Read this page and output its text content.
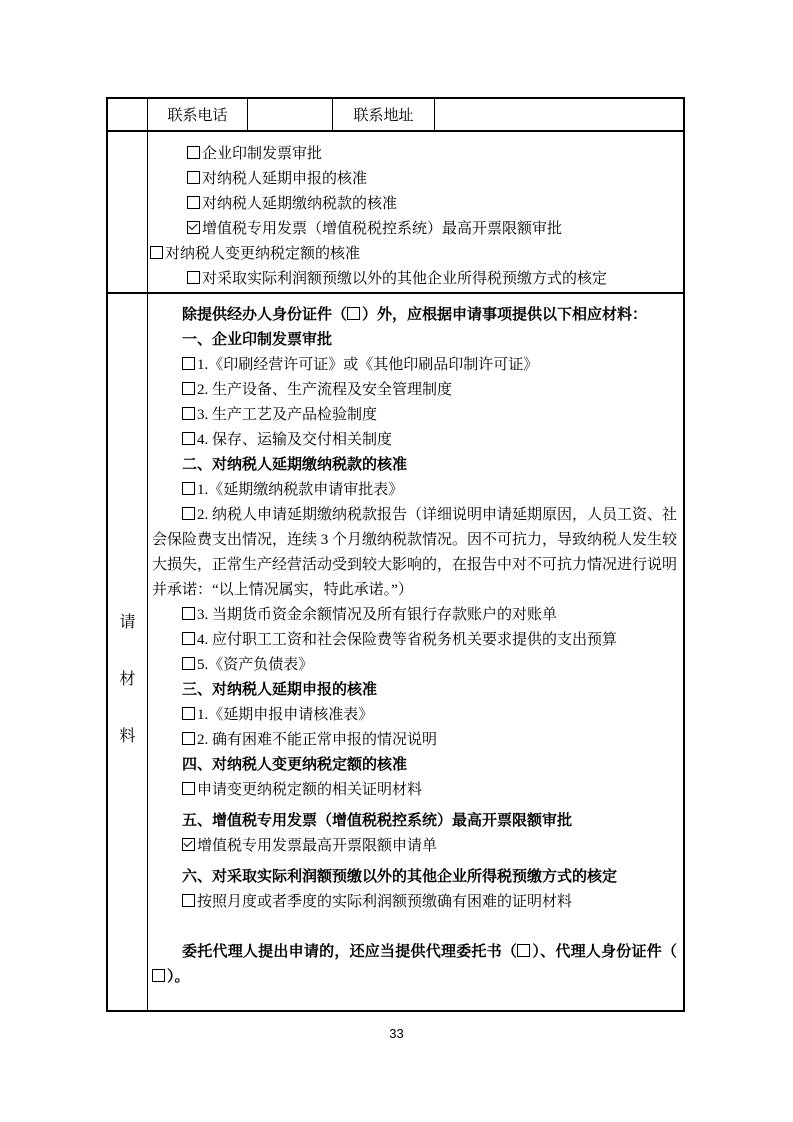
联系电话	联系地址
企业印制发票审批
对纳税人延期申报的核准
对纳税人延期缴纳税款的核准
增值税专用发票（增值税税控系统）最高开票限额审批
对纳税人变更纳税定额的核准
对采取实际利润额预缴以外的其他企业所得税预缴方式的核定
请
材
料
除提供经办人身份证件（ ）外，应根据申请事项提供以下相应材料：
一、企业印制发票审批
1.《印刷经营许可证》或《其他印刷品印制许可证》
2. 生产设备、生产流程及安全管理制度
3. 生产工艺及产品检验制度
4. 保存、运输及交付相关制度
二、对纳税人延期缴纳税款的核准
1.《延期缴纳税款申请审批表》
2. 纳税人申请延期缴纳税款报告（详细说明申请延期原因，人员工资、社会保险费支出情况，连续 3 个月缴纳税款情况。因不可抗力，导致纳税人发生较大损失，正常生产经营活动受到较大影响的，在报告中对不可抗力情况进行说明并承诺：“以上情况属实，特此承诺。”）
3. 当期货币资金余额情况及所有银行存款账户的对账单
4. 应付职工工资和社会保险费等省税务机关要求提供的支出预算
5.《资产负债表》
三、对纳税人延期申报的核准
1.《延期申报申请核准表》
2. 确有困难不能正常申报的情况说明
四、对纳税人变更纳税定额的核准
申请变更纳税定额的相关证明材料
五、增值税专用发票（增值税税控系统）最高开票限额审批
增值税专用发票最高开票限额申请单
六、对采取实际利润额预缴以外的其他企业所得税预缴方式的核定
按照月度或者季度的实际利润额预缴确有困难的证明材料
委托代理人提出申请的，还应当提供代理委托书（ ）、代理人身份证件（）。
33
